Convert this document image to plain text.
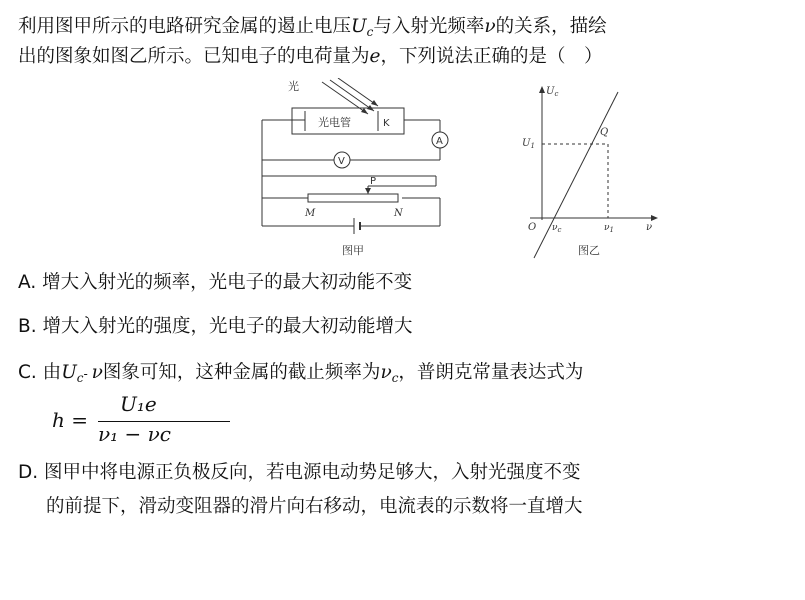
利用图甲所示的电路研究金属的遏止电压$U_c$与入射光频率ν的关系，描绘
出的图象如图乙所示。已知电子的电荷量为e，下列说法正确的是（　）
光
光电管	K
A
V
P
M	N
图甲
$U_c$
$U_1$
Q
O $\nu_c$	$\nu_1$	ν
图乙
A. 增大入射光的频率，光电子的最大初动能不变
B. 增大入射光的强度，光电子的最大初动能增大
C. 由$U_c-$ ν图象可知，这种金属的截止频率为$\nu_c$，普朗克常量表达式为
h =
U₁e
ν₁ − νc
D. 图甲中将电源正负极反向，若电源电动势足够大，入射光强度不变
的前提下，滑动变阻器的滑片向右移动，电流表的示数将一直增大
